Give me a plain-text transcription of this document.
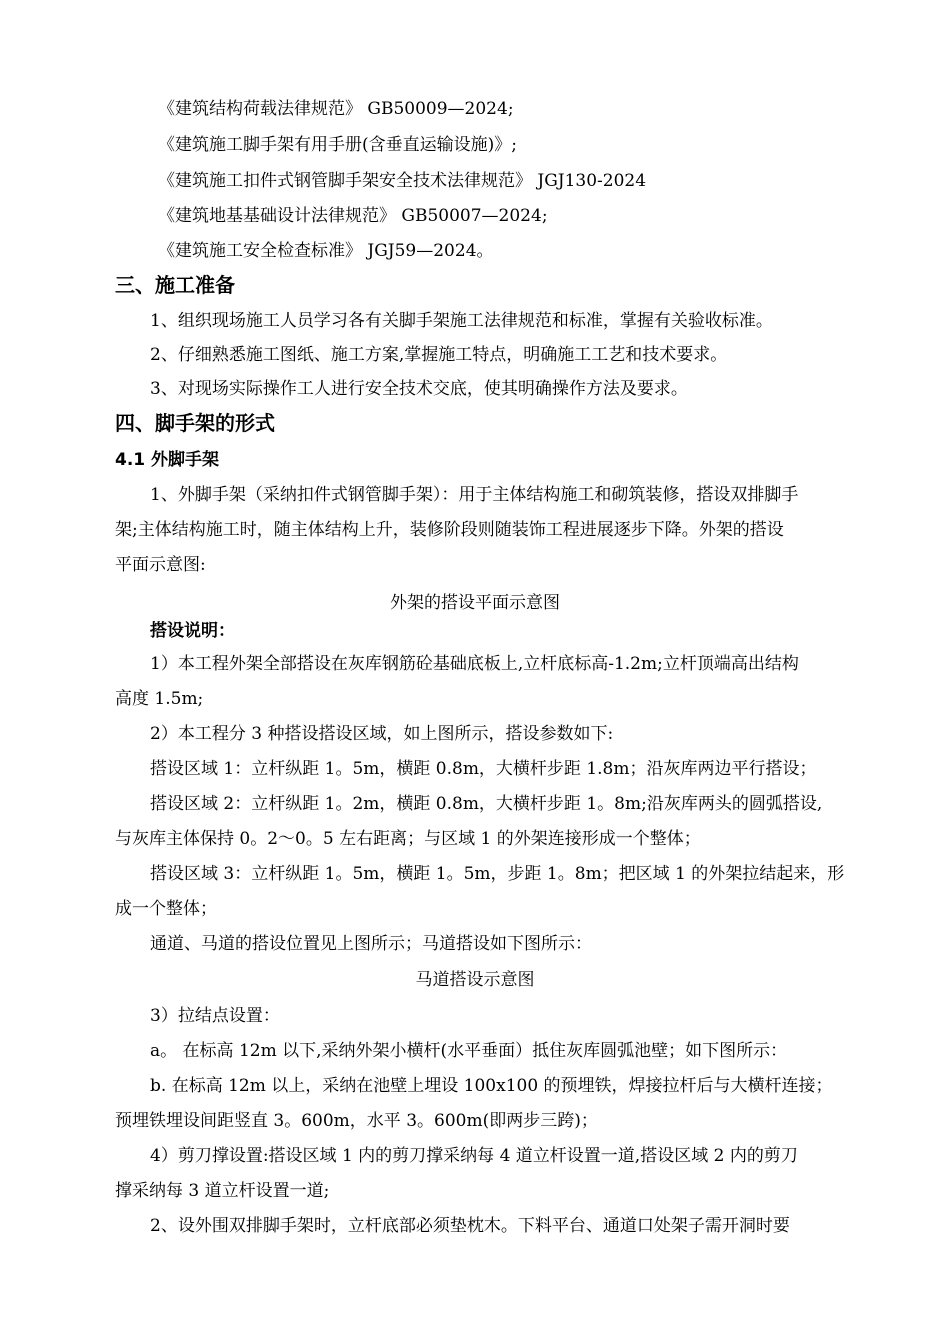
《建筑结构荷载法律规范》 GB50009—2024;
《建筑施工脚手架有用手册(含垂直运输设施)》;
《建筑施工扣件式钢管脚手架安全技术法律规范》 JGJ130-2024
《建筑地基基础设计法律规范》 GB50007—2024;
《建筑施工安全检查标准》 JGJ59—2024。
三、施工准备
1、组织现场施工人员学习各有关脚手架施工法律规范和标准，掌握有关验收标准。
2、仔细熟悉施工图纸、施工方案,掌握施工特点，明确施工工艺和技术要求。
3、对现场实际操作工人进行安全技术交底，使其明确操作方法及要求。
四、脚手架的形式
4.1 外脚手架
1、外脚手架（采纳扣件式钢管脚手架）：用于主体结构施工和砌筑装修，搭设双排脚手
架;主体结构施工时，随主体结构上升，装修阶段则随装饰工程进展逐步下降。外架的搭设
平面示意图:
外架的搭设平面示意图
搭设说明：
1）本工程外架全部搭设在灰库钢筋砼基础底板上,立杆底标高-1.2m;立杆顶端高出结构
高度 1.5m;
2）本工程分 3 种搭设搭设区域，如上图所示，搭设参数如下:
搭设区域 1：立杆纵距 1。5m，横距 0.8m，大横杆步距 1.8m；沿灰库两边平行搭设；
搭设区域 2：立杆纵距 1。2m，横距 0.8m，大横杆步距 1。8m;沿灰库两头的圆弧搭设,
与灰库主体保持 0。2～0。5 左右距离；与区域 1 的外架连接形成一个整体；
搭设区域 3：立杆纵距 1。5m，横距 1。5m，步距 1。8m；把区域 1 的外架拉结起来，形
成一个整体；
通道、马道的搭设位置见上图所示；马道搭设如下图所示：
马道搭设示意图
3）拉结点设置：
a。 在标高 12m 以下,采纳外架小横杆(水平垂面）抵住灰库圆弧池壁；如下图所示：
b. 在标高 12m 以上，采纳在池壁上埋设 100x100 的预埋铁，焊接拉杆后与大横杆连接；
预埋铁埋设间距竖直 3。600m，水平 3。600m(即两步三跨)；
4）剪刀撑设置:搭设区域 1 内的剪刀撑采纳每 4 道立杆设置一道,搭设区域 2 内的剪刀
撑采纳每 3 道立杆设置一道;
2、设外围双排脚手架时，立杆底部必须垫枕木。下料平台、通道口处架子需开洞时要
